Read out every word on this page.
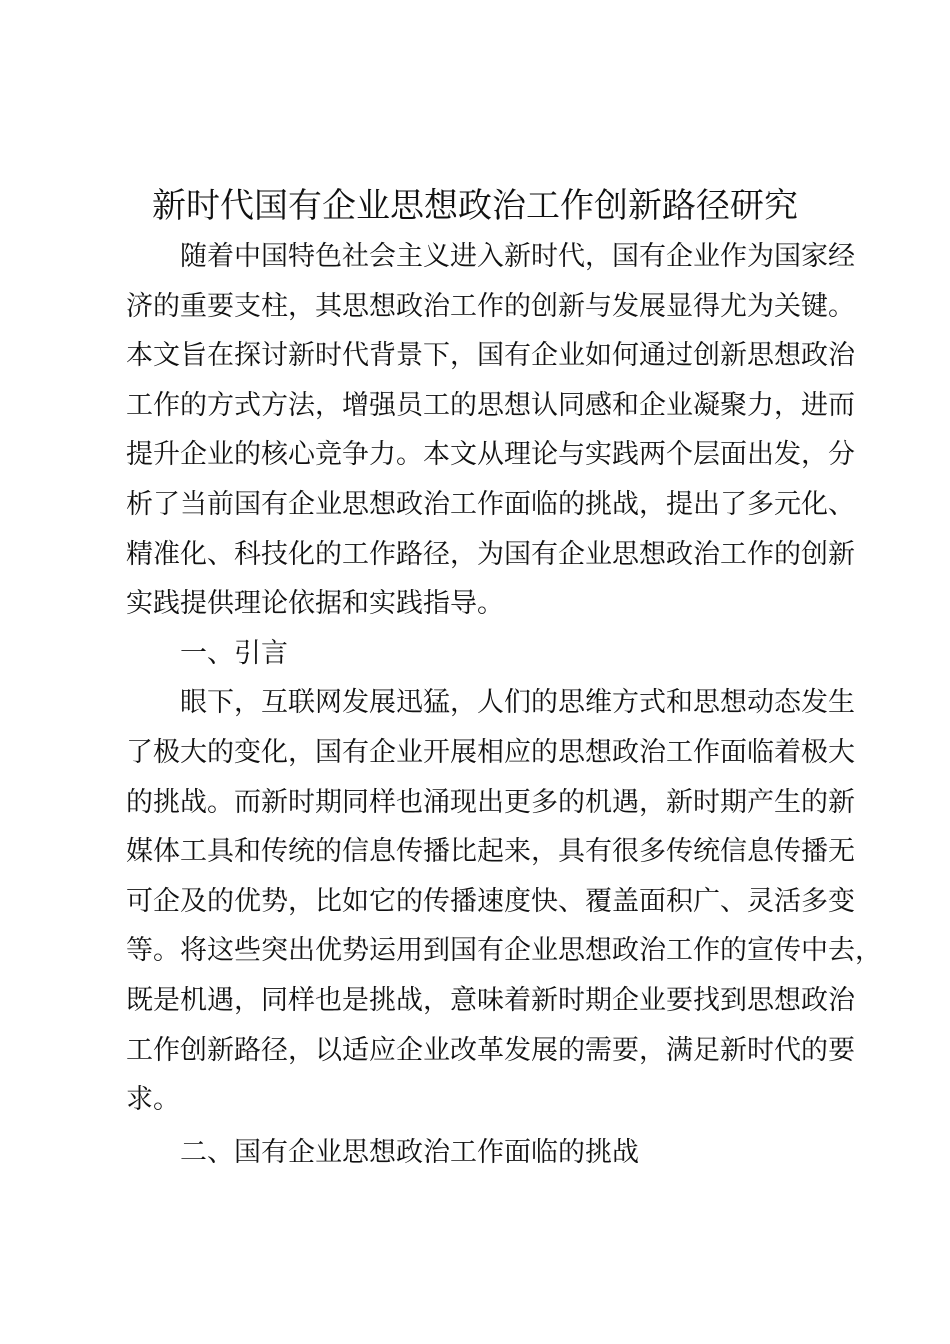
新时代国有企业思想政治工作创新路径研究
随着中国特色社会主义进入新时代，国有企业作为国家经
济的重要支柱，其思想政治工作的创新与发展显得尤为关键。
本文旨在探讨新时代背景下，国有企业如何通过创新思想政治
工作的方式方法，增强员工的思想认同感和企业凝聚力，进而
提升企业的核心竞争力。本文从理论与实践两个层面出发，分
析了当前国有企业思想政治工作面临的挑战，提出了多元化、
精准化、科技化的工作路径，为国有企业思想政治工作的创新
实践提供理论依据和实践指导。
一、引言
眼下，互联网发展迅猛，人们的思维方式和思想动态发生
了极大的变化，国有企业开展相应的思想政治工作面临着极大
的挑战。而新时期同样也涌现出更多的机遇，新时期产生的新
媒体工具和传统的信息传播比起来，具有很多传统信息传播无
可企及的优势，比如它的传播速度快、覆盖面积广、灵活多变
等。将这些突出优势运用到国有企业思想政治工作的宣传中去，
既是机遇，同样也是挑战，意味着新时期企业要找到思想政治
工作创新路径，以适应企业改革发展的需要，满足新时代的要
求。
二、国有企业思想政治工作面临的挑战
